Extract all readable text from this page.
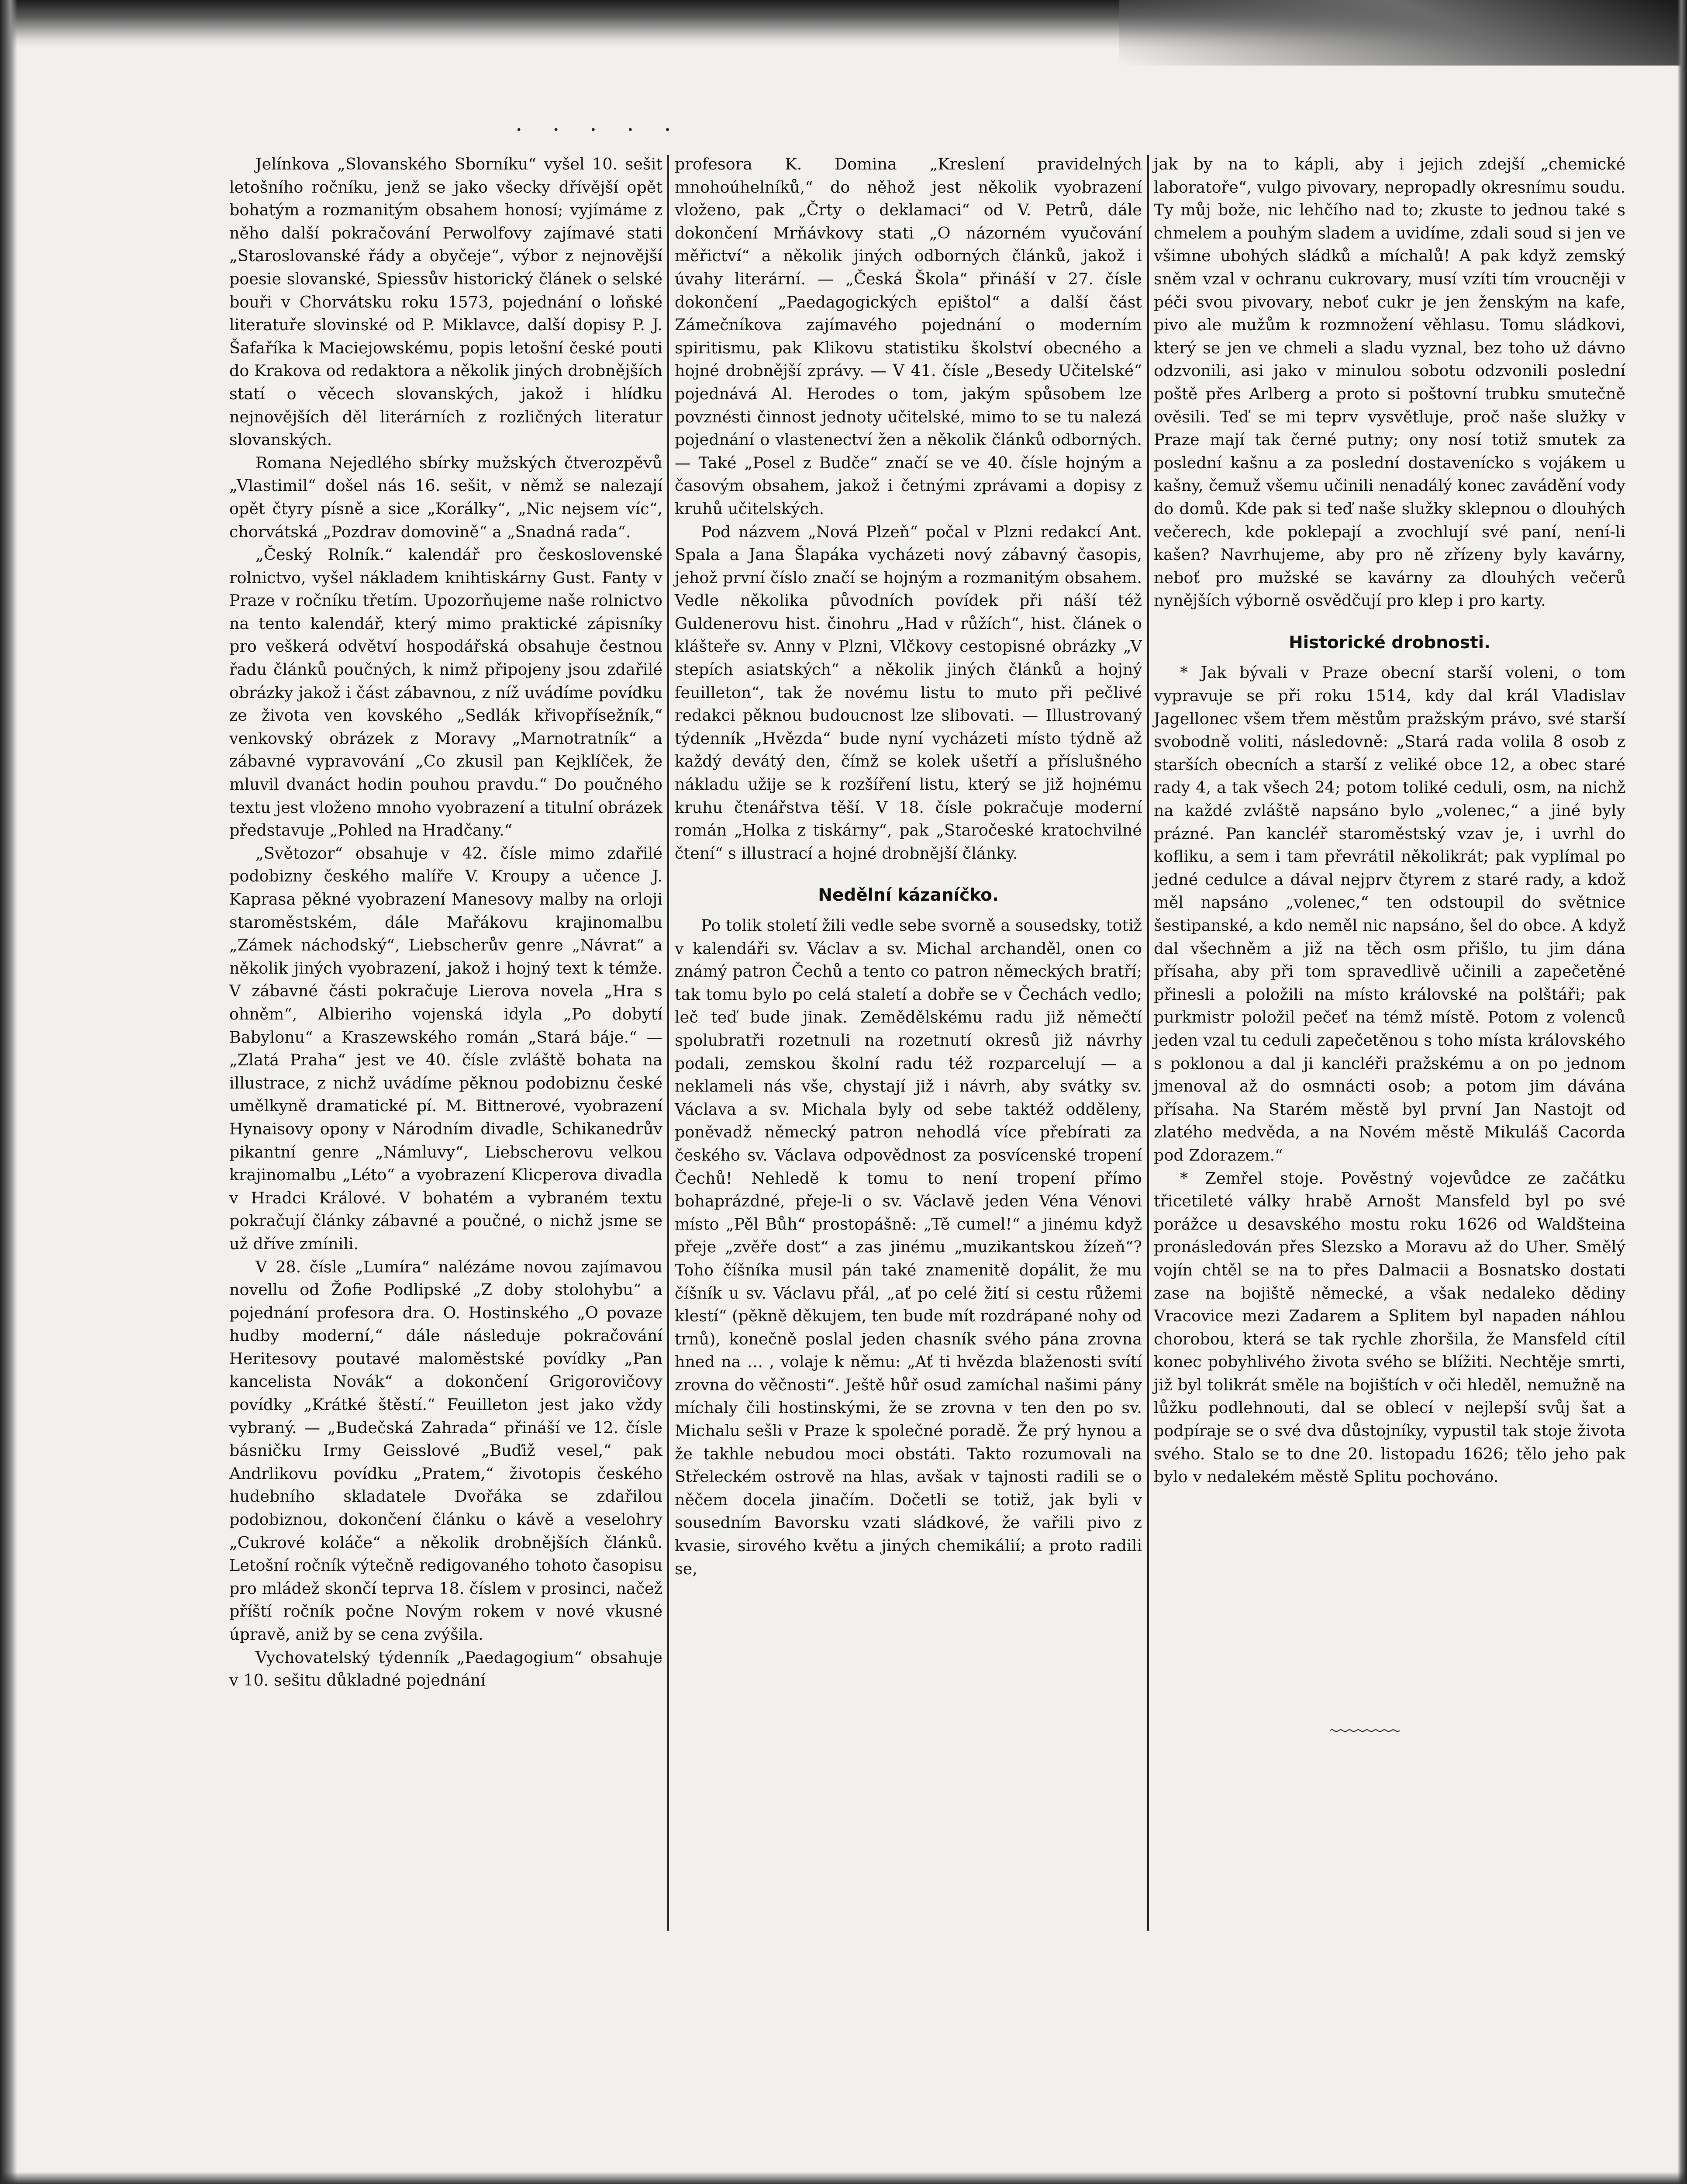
· · · · ·

Jelínkova „Slovanského Sborníku“ vyšel 10. sešit letošního ročníku, jenž se jako všecky dřívější opět bohatým a rozmanitým obsahem honosí; vyjímáme z něho další pokračování Perwolfovy zajímavé stati „Staroslovanské řády a obyčeje“, výbor z nejnovější poesie slovanské, Spiessův historický článek o selské bouři v Chorvátsku roku 1573, pojednání o loňské literatuře slovinské od P. Miklavce, další dopisy P. J. Šafaříka k Maciejowskému, popis letošní české pouti do Krakova od redaktora a několik jiných drobnějších statí o věcech slovanských, jakož i hlídku nejnovějších děl literárních z rozličných literatur slovanských.

Romana Nejedlého sbírky mužských čtverozpěvů „Vlastimil“ došel nás 16. sešit, v němž se nalezají opět čtyry písně a sice „Korálky“, „Nic nejsem víc“, chorvátská „Pozdrav domovině“ a „Snadná rada“.

„Český Rolník.“ kalendář pro československé rolnictvo, vyšel nákladem knihtiskárny Gust. Fanty v Praze v ročníku třetím. Upozorňujeme naše rolnictvo na tento kalendář, který mimo praktické zápisníky pro veškerá odvětví hospodářská obsahuje čestnou řadu článků poučných, k nimž připojeny jsou zdařilé obrázky jakož i část zábavnou, z níž uvádíme povídku ze života ven kovského „Sedlák křivopřísežník,“ venkovský obrázek z Moravy „Marnotratník“ a zábavné vypravování „Co zkusil pan Kejklíček, že mluvil dvanáct hodin pouhou pravdu.“ Do poučného textu jest vloženo mnoho vyobrazení a titulní obrázek představuje „Pohled na Hradčany.“

„Světozor“ obsahuje v 42. čísle mimo zdařilé podobizny českého malíře V. Kroupy a učence J. Kaprasa pěkné vyobrazení Manesovy malby na orloji staroměstském, dále Mařákovu krajinomalbu „Zámek náchodský“, Liebscherův genre „Návrat“ a několik jiných vyobrazení, jakož i hojný text k témže. V zábavné části pokračuje Lierova novela „Hra s ohněm“, Albieriho vojenská idyla „Po dobytí Babylonu“ a Kraszewského román „Stará báje.“ — „Zlatá Praha“ jest ve 40. čísle zvláště bohata na illustrace, z nichž uvádíme pěknou podobiznu české umělkyně dramatické pí. M. Bittnerové, vyobrazení Hynaisovy opony v Národním divadle, Schikanedrův pikantní genre „Námluvy“, Liebscherovu velkou krajinomalbu „Léto“ a vyobrazení Klicperova divadla v Hradci Králové. V bohatém a vybraném textu pokračují články zábavné a poučné, o nichž jsme se už dříve zmínili.

V 28. čísle „Lumíra“ nalézáme novou zajímavou novellu od Žofie Podlipské „Z doby stolohybu“ a pojednání profesora dra. O. Hostinského „O povaze hudby moderní,“ dále následuje pokračování Heritesovy poutavé maloměstské povídky „Pan kancelista Novák“ a dokončení Grigorovičovy povídky „Krátké štěstí.“ Feuilleton jest jako vždy vybraný. — „Budečská Zahrada“ přináší ve 12. čísle básničku Irmy Geisslové „Buďiž vesel,“ pak Andrlikovu povídku „Pratem,“ životopis českého hudebního skladatele Dvořáka se zdařilou podobiznou, dokončení článku o kávě a veselohry „Cukrové koláče“ a několik drobnějších článků. Letošní ročník výtečně redigovaného tohoto časopisu pro mládež skončí teprva 18. číslem v prosinci, načež příští ročník počne Novým rokem v nové vkusné úpravě, aniž by se cena zvýšila.

Vychovatelský týdenník „Paedagogium“ obsahuje v 10. sešitu důkladné pojednání

profesora K. Domina „Kreslení pravidelných mnohoúhelníků,“ do něhož jest několik vyobrazení vloženo, pak „Črty o deklamaci“ od V. Petrů, dále dokončení Mrňávkovy stati „O názorném vyučování měřictví“ a několik jiných odborných článků, jakož i úvahy literární. — „Česká Škola“ přináší v 27. čísle dokončení „Paedagogických epištol“ a další část Zámečníkova zajímavého pojednání o moderním spiritismu, pak Klikovu statistiku školství obecného a hojné drobnější zprávy. — V 41. čísle „Besedy Učitelské“ pojednává Al. Herodes o tom, jakým spůsobem lze povznésti činnost jednoty učitelské, mimo to se tu nalezá pojednání o vlastenectví žen a několik článků odborných. — Také „Posel z Budče“ značí se ve 40. čísle hojným a časovým obsahem, jakož i četnými zprávami a dopisy z kruhů učitelských.

Pod názvem „Nová Plzeň“ počal v Plzni redakcí Ant. Spala a Jana Šlapáka vycházeti nový zábavný časopis, jehož první číslo značí se hojným a rozmanitým obsahem. Vedle několika původních povídek při náší též Guldenerovu hist. činohru „Had v růžích“, hist. článek o klášteře sv. Anny v Plzni, Vlčkovy cestopisné obrázky „V stepích asiatských“ a několik jiných článků a hojný feuilleton“, tak že novému listu to muto při pečlivé redakci pěknou budoucnost lze slibovati. — Illustrovaný týdenník „Hvězda“ bude nyní vycházeti místo týdně až každý devátý den, čímž se kolek ušetří a příslušného nákladu užije se k rozšíření listu, který se již hojnému kruhu čtenářstva těší. V 18. čísle pokračuje moderní román „Holka z tiskárny“, pak „Staročeské kratochvilné čtení“ s illustrací a hojné drobnější články.

Nedělní kázaníčko.

Po tolik století žili vedle sebe svorně a sousedsky, totiž v kalendáři sv. Václav a sv. Michal archanděl, onen co známý patron Čechů a tento co patron německých bratří; tak tomu bylo po celá staletí a dobře se v Čechách vedlo; leč teď bude jinak. Zemědělskému radu již němečtí spolubratři rozetnuli na rozetnutí okresů již návrhy podali, zemskou školní radu též rozparcelují — a neklameli nás vše, chystají již i návrh, aby svátky sv. Václava a sv. Michala byly od sebe taktéž odděleny, poněvadž německý patron nehodlá více přebírati za českého sv. Václava odpovědnost za posvícenské tropení Čechů! Nehledě k tomu to není tropení přímo bohaprázdné, přeje-li o sv. Václavě jeden Véna Vénovi místo „Pěl Bůh“ prostopášně: „Tě cumel!“ a jinému když přeje „zvěře dost“ a zas jinému „muzikantskou žízeň“? Toho číšníka musil pán také znamenitě dopálit, že mu číšník u sv. Václavu přál, „ať po celé žití si cestu růžemi klestí“ (pěkně děkujem, ten bude mít rozdrápané nohy od trnů), konečně poslal jeden chasník svého pána zrovna hned na … , volaje k němu: „Ať ti hvězda blaženosti svítí zrovna do věčnosti“. Ještě hůř osud zamíchal našimi pány míchaly čili hostinskými, že se zrovna v ten den po sv. Michalu sešli v Praze k společné poradě. Že prý hynou a že takhle nebudou moci obstáti. Takto rozumovali na Střeleckém ostrově na hlas, avšak v tajnosti radili se o něčem docela jinačím. Dočetli se totiž, jak byli v sousedním Bavorsku vzati sládkové, že vařili pivo z kvasie, sirového květu a jiných chemikálií; a proto radili se,

jak by na to kápli, aby i jejich zdejší „chemické laboratoře“, vulgo pivovary, nepropadly okresnímu soudu. Ty můj bože, nic lehčího nad to; zkuste to jednou také s chmelem a pouhým sladem a uvidíme, zdali soud si jen ve všimne ubohých sládků a míchalů! A pak když zemský sněm vzal v ochranu cukrovary, musí vzíti tím vroucněji v péči svou pivovary, neboť cukr je jen ženským na kafe, pivo ale mužům k rozmnožení věhlasu. Tomu sládkovi, který se jen ve chmeli a sladu vyznal, bez toho už dávno odzvonili, asi jako v minulou sobotu odzvonili poslední poště přes Arlberg a proto si poštovní trubku smutečně ověsili. Teď se mi teprv vysvětluje, proč naše služky v Praze mají tak černé putny; ony nosí totiž smutek za poslední kašnu a za poslední dostavenícko s vojákem u kašny, čemuž všemu učinili nenadálý konec zavádění vody do domů. Kde pak si teď naše služky sklepnou o dlouhých večerech, kde poklepají a zvochlují své paní, není-li kašen? Navrhujeme, aby pro ně zřízeny byly kavárny, neboť pro mužské se kavárny za dlouhých večerů nynějších výborně osvědčují pro klep i pro karty.

Historické drobnosti.

* Jak bývali v Praze obecní starší voleni, o tom vypravuje se při roku 1514, kdy dal král Vladislav Jagellonec všem třem městům pražským právo, své starší svobodně voliti, následovně: „Stará rada volila 8 osob z starších obecních a starší z veliké obce 12, a obec staré rady 4, a tak všech 24; potom toliké ceduli, osm, na nichž na každé zvláště napsáno bylo „volenec,“ a jiné byly prázné. Pan kancléř staroměstský vzav je, i uvrhl do kofliku, a sem i tam převrátil několikrát; pak vyplímal po jedné cedulce a dával nejprv čtyrem z staré rady, a kdož měl napsáno „volenec,“ ten odstoupil do světnice šestipanské, a kdo neměl nic napsáno, šel do obce. A když dal všechněm a již na těch osm přišlo, tu jim dána přísaha, aby při tom spravedlivě učinili a zapečetěné přinesli a položili na místo královské na polštáři; pak purkmistr položil pečeť na témž místě. Potom z volenců jeden vzal tu ceduli zapečetěnou s toho místa královského s poklonou a dal ji kancléři pražskému a on po jednom jmenoval až do osmnácti osob; a potom jim dávána přísaha. Na Starém městě byl první Jan Nastojt od zlatého medvěda, a na Novém městě Mikuláš Cacorda pod Zdorazem.“

* Zemřel stoje. Pověstný vojevůdce ze začátku třicetileté války hrabě Arnošt Mansfeld byl po své porážce u desavského mostu roku 1626 od Waldšteina pronásledován přes Slezsko a Moravu až do Uher. Smělý vojín chtěl se na to přes Dalmacii a Bosnatsko dostati zase na bojiště německé, a však nedaleko dědiny Vracovice mezi Zadarem a Splitem byl napaden náhlou chorobou, která se tak rychle zhoršila, že Mansfeld cítil konec pobyhlivého života svého se blížiti. Nechtěje smrti, již byl tolikrát směle na bojištích v oči hleděl, nemužně na lůžku podlehnouti, dal se oblecí v nejlepší svůj šat a podpíraje se o své dva důstojníky, vypustil tak stoje života svého. Stalo se to dne 20. listopadu 1626; tělo jeho pak bylo v nedalekém městě Splitu pochováno.
